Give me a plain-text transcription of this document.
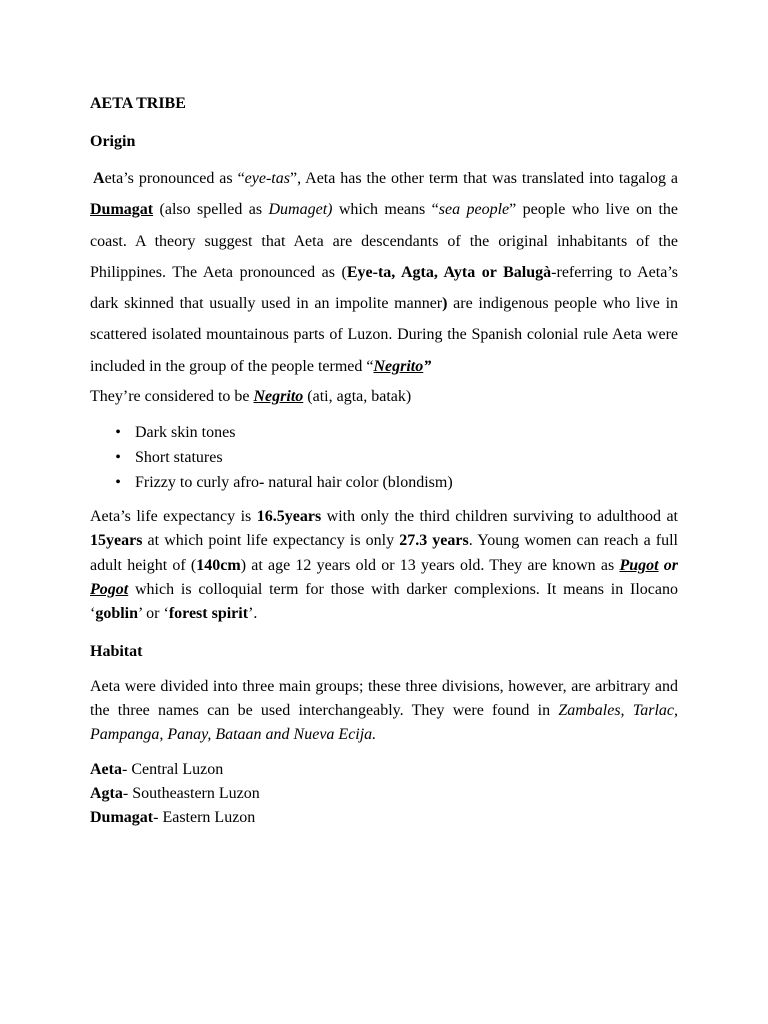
AETA TRIBE

Origin

Aeta’s pronounced as “eye-tas”, Aeta has the other term that was translated into tagalog a Dumagat (also spelled as Dumaget) which means “sea people” people who live on the coast. A theory suggest that Aeta are descendants of the original inhabitants of the Philippines. The Aeta pronounced as (Eye-ta, Agta, Ayta or Balugà-referring to Aeta’s dark skinned that usually used in an impolite manner) are indigenous people who live in scattered isolated mountainous parts of Luzon. During the Spanish colonial rule Aeta were included in the group of the people termed “Negrito”

They’re considered to be Negrito (ati, agta, batak)

• Dark skin tones
• Short statures
• Frizzy to curly afro- natural hair color (blondism)

Aeta’s life expectancy is 16.5years with only the third children surviving to adulthood at 15years at which point life expectancy is only 27.3 years. Young women can reach a full adult height of (140cm) at age 12 years old or 13 years old. They are known as Pugot or Pogot which is colloquial term for those with darker complexions. It means in Ilocano ‘goblin’ or ‘forest spirit’.

Habitat

Aeta were divided into three main groups; these three divisions, however, are arbitrary and the three names can be used interchangeably. They were found in Zambales, Tarlac, Pampanga, Panay, Bataan and Nueva Ecija.

Aeta- Central Luzon
Agta- Southeastern Luzon
Dumagat- Eastern Luzon
